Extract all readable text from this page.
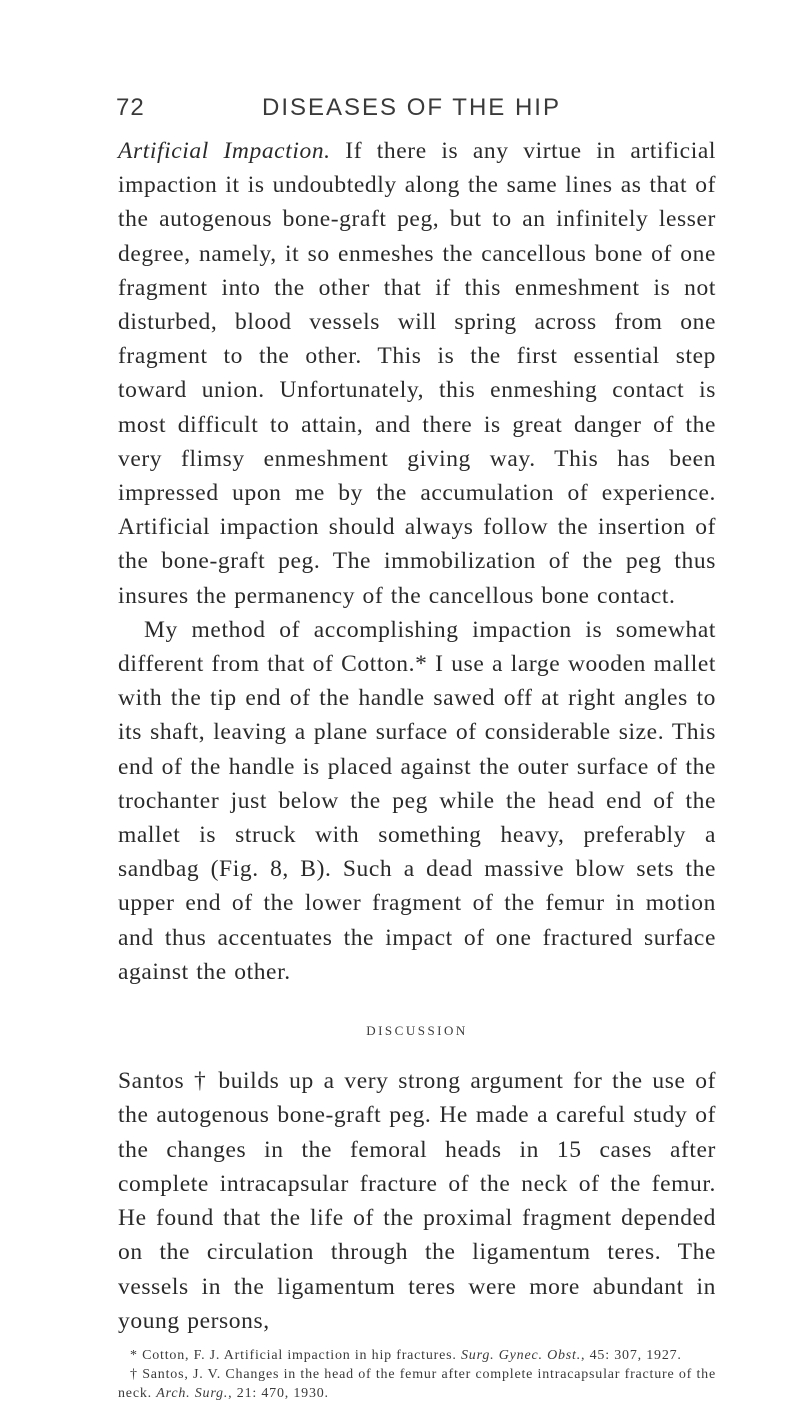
72	DISEASES OF THE HIP

Artificial Impaction. If there is any virtue in artificial impaction it is undoubtedly along the same lines as that of the autogenous bone-graft peg, but to an infinitely lesser degree, namely, it so enmeshes the cancellous bone of one fragment into the other that if this enmeshment is not disturbed, blood vessels will spring across from one fragment to the other. This is the first essential step toward union. Unfortunately, this enmeshing contact is most difficult to attain, and there is great danger of the very flimsy enmeshment giving way. This has been impressed upon me by the accumulation of experience. Artificial impaction should always follow the insertion of the bone-graft peg. The immobilization of the peg thus insures the permanency of the cancellous bone contact.

My method of accomplishing impaction is somewhat different from that of Cotton.* I use a large wooden mallet with the tip end of the handle sawed off at right angles to its shaft, leaving a plane surface of considerable size. This end of the handle is placed against the outer surface of the trochanter just below the peg while the head end of the mallet is struck with something heavy, preferably a sandbag (Fig. 8, B). Such a dead massive blow sets the upper end of the lower fragment of the femur in motion and thus accentuates the impact of one fractured surface against the other.

DISCUSSION

Santos † builds up a very strong argument for the use of the autogenous bone-graft peg. He made a careful study of the changes in the femoral heads in 15 cases after complete intracapsular fracture of the neck of the femur. He found that the life of the proximal fragment depended on the circulation through the ligamentum teres. The vessels in the ligamentum teres were more abundant in young persons,

* Cotton, F. J. Artificial impaction in hip fractures. Surg. Gynec. Obst., 45: 307, 1927.

† Santos, J. V. Changes in the head of the femur after complete intracapsular fracture of the neck. Arch. Surg., 21: 470, 1930.
